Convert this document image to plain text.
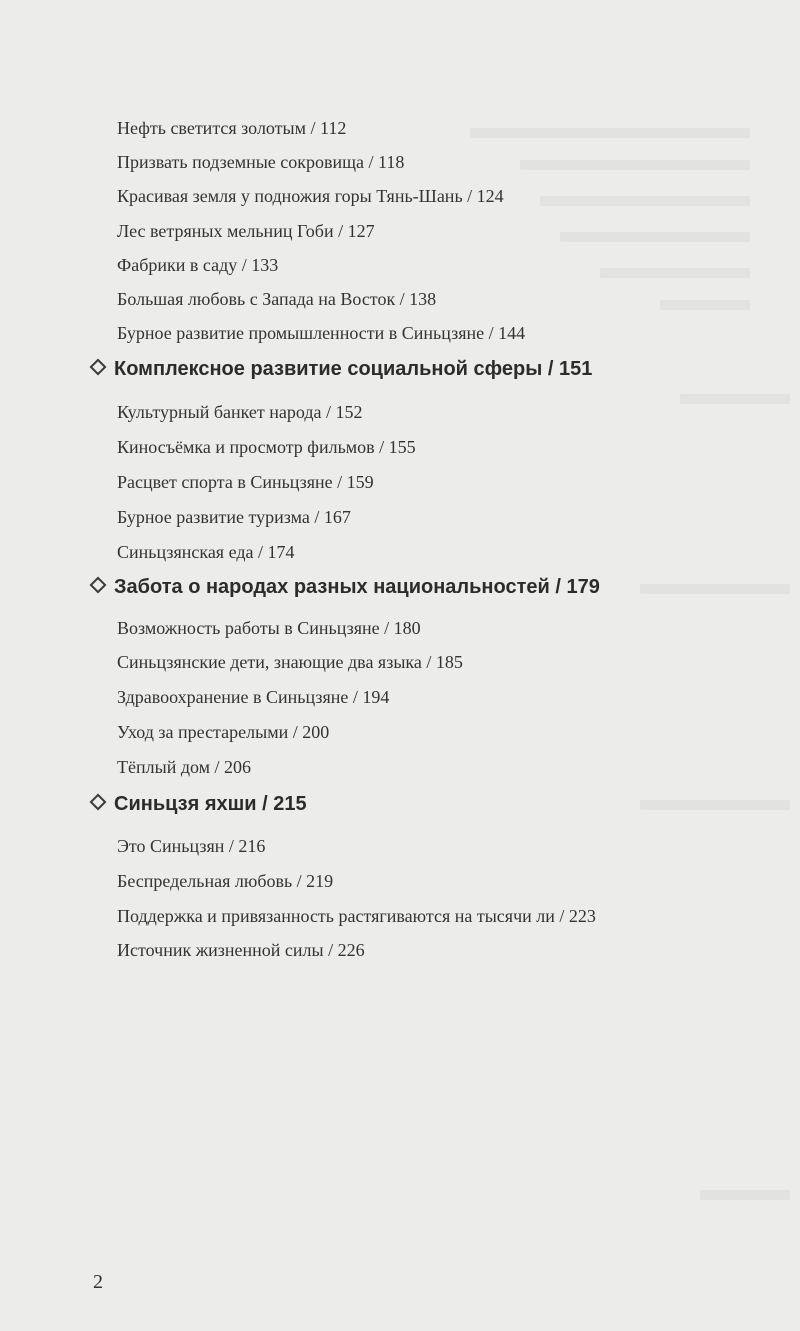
Нефть светится золотым / 112
Призвать подземные сокровища / 118
Красивая земля у подножия горы Тянь-Шань / 124
Лес ветряных мельниц Гоби / 127
Фабрики в саду / 133
Большая любовь с Запада на Восток / 138
Бурное развитие промышленности в Синьцзяне / 144
Комплексное развитие социальной сферы / 151
Культурный банкет народа / 152
Киносъёмка и просмотр фильмов / 155
Расцвет спорта в Синьцзяне / 159
Бурное развитие туризма / 167
Синьцзянская еда / 174
Забота о народах разных национальностей / 179
Возможность работы в Синьцзяне / 180
Синьцзянские дети, знающие два языка / 185
Здравоохранение в Синьцзяне / 194
Уход за престарелыми / 200
Тёплый дом / 206
Синьцзя яхши / 215
Это Синьцзян / 216
Беспредельная любовь / 219
Поддержка и привязанность растягиваются на тысячи ли / 223
Источник жизненной силы / 226
2
